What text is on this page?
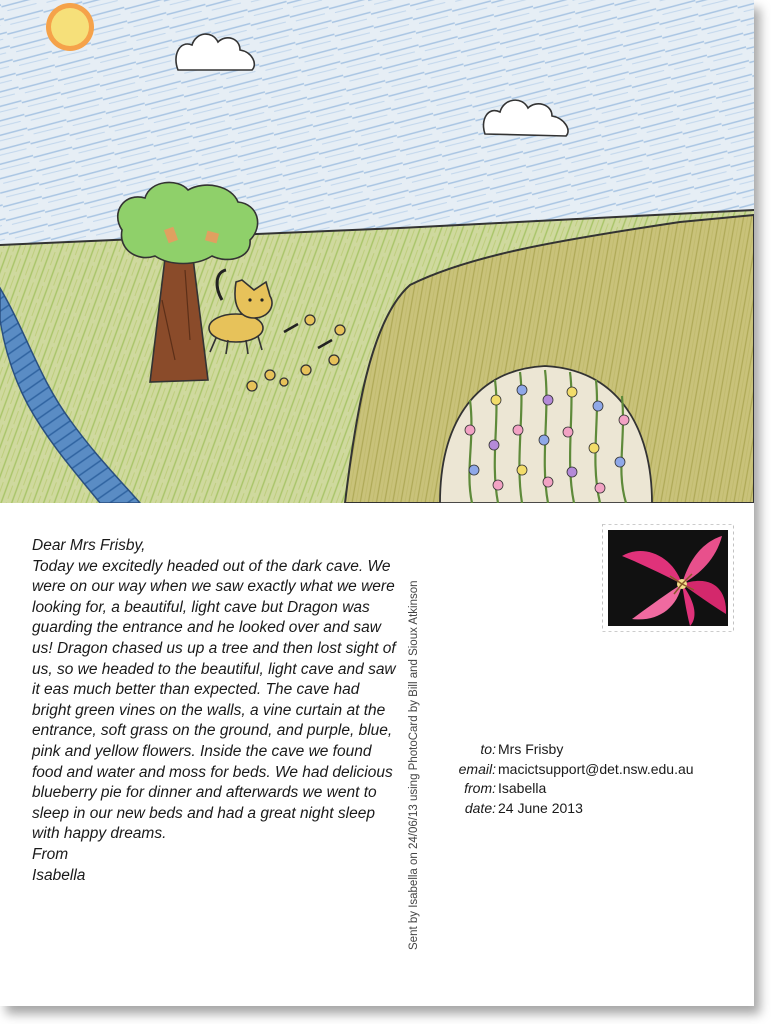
Dear Mrs Frisby,

Today we excitedly headed out of the dark cave. We were on our way when we saw exactly what we were looking for, a beautiful, light cave but Dragon was guarding the entrance and he looked over and saw us! Dragon chased us up a tree and then lost sight of us, so we headed to the beautiful, light cave and saw it eas much better than expected. The cave had bright green vines on the walls, a vine curtain at the entrance, soft grass on the ground, and purple, blue, pink and yellow flowers. Inside the cave we found food and water and moss for beds. We had delicious blueberry pie for dinner and afterwards we went to sleep in our new beds and had a great night sleep with happy dreams.

From

Isabella	Sent by Isabella on 24/06/13 using PhotoCard by Bill and Sioux Atkinson	to: Mrs Frisby
email: macictsupport@det.nsw.edu.au
from: Isabella
date: 24 June 2013
